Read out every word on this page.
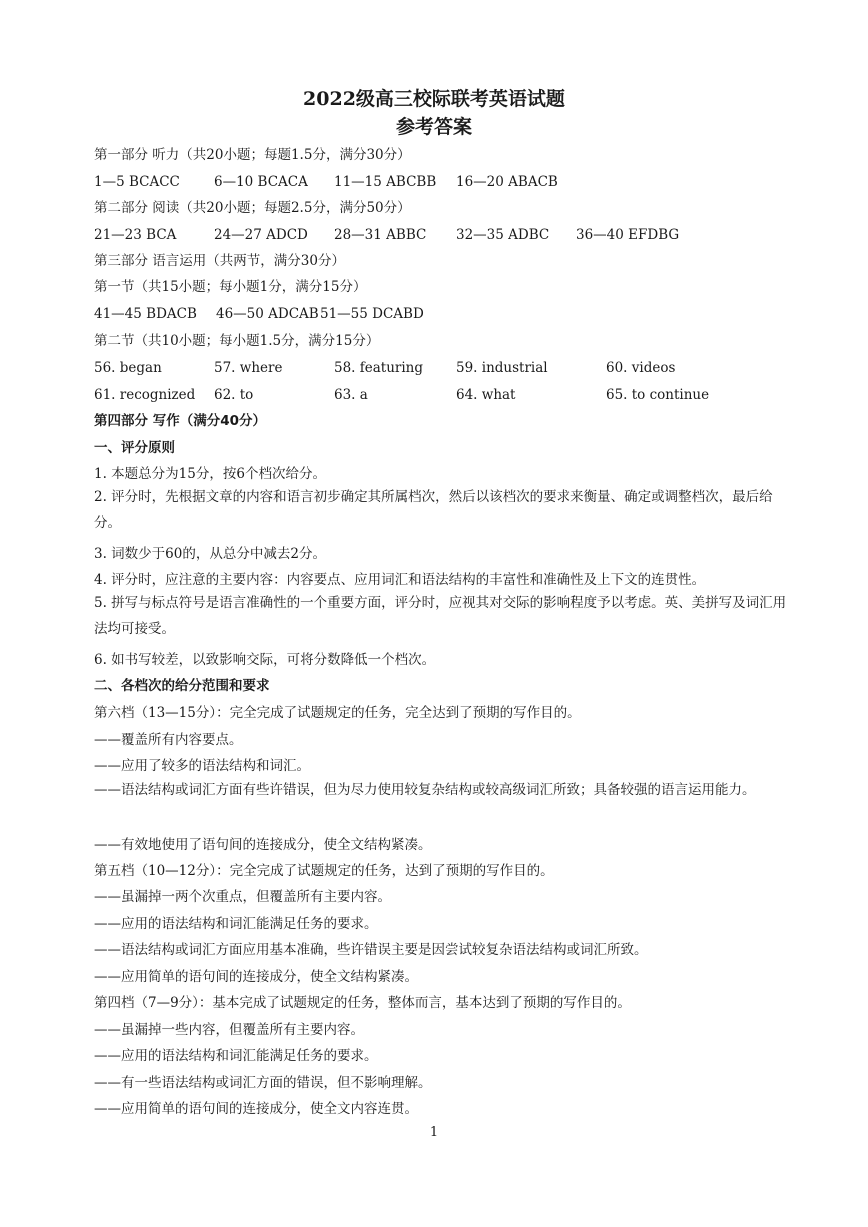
2022级高三校际联考英语试题
参考答案
第一部分 听力（共20小题；每题1.5分，满分30分）
1—5 BCACC	6—10 BCACA 11—15 ABCBB 16—20 ABACB
第二部分 阅读（共20小题；每题2.5分，满分50分）
21—23 BCA	24—27 ADCD 28—31 ABBC 32—35 ADBC 36—40 EFDBG
第三部分 语言运用（共两节，满分30分）
第一节（共15小题；每小题1分，满分15分）
41—45 BDACB 46—50 ADCAB 51—55 DCABD
第二节（共10小题；每小题1.5分，满分15分）
56. began	57. where	58. featuring 59. industrial	60. videos
61. recognized 62. to	63. a	64. what	65. to continue
第四部分 写作（满分40分）
一、评分原则
1. 本题总分为15分，按6个档次给分。
2. 评分时，先根据文章的内容和语言初步确定其所属档次，然后以该档次的要求来衡量、确定或调整档次，最后给分。
3. 词数少于60的，从总分中减去2分。
4. 评分时，应注意的主要内容：内容要点、应用词汇和语法结构的丰富性和准确性及上下文的连贯性。
5. 拼写与标点符号是语言准确性的一个重要方面，评分时，应视其对交际的影响程度予以考虑。英、美拼写及词汇用法均可接受。
6. 如书写较差，以致影响交际，可将分数降低一个档次。
二、各档次的给分范围和要求
第六档（13—15分）：完全完成了试题规定的任务，完全达到了预期的写作目的。
——覆盖所有内容要点。
——应用了较多的语法结构和词汇。
——语法结构或词汇方面有些许错误，但为尽力使用较复杂结构或较高级词汇所致；具备较强的语言运用能力。
——有效地使用了语句间的连接成分，使全文结构紧凑。
第五档（10—12分）：完全完成了试题规定的任务，达到了预期的写作目的。
——虽漏掉一两个次重点，但覆盖所有主要内容。
——应用的语法结构和词汇能满足任务的要求。
——语法结构或词汇方面应用基本准确，些许错误主要是因尝试较复杂语法结构或词汇所致。
——应用简单的语句间的连接成分，使全文结构紧凑。
第四档（7—9分）：基本完成了试题规定的任务，整体而言，基本达到了预期的写作目的。
——虽漏掉一些内容，但覆盖所有主要内容。
——应用的语法结构和词汇能满足任务的要求。
——有一些语法结构或词汇方面的错误，但不影响理解。
——应用简单的语句间的连接成分，使全文内容连贯。
1
